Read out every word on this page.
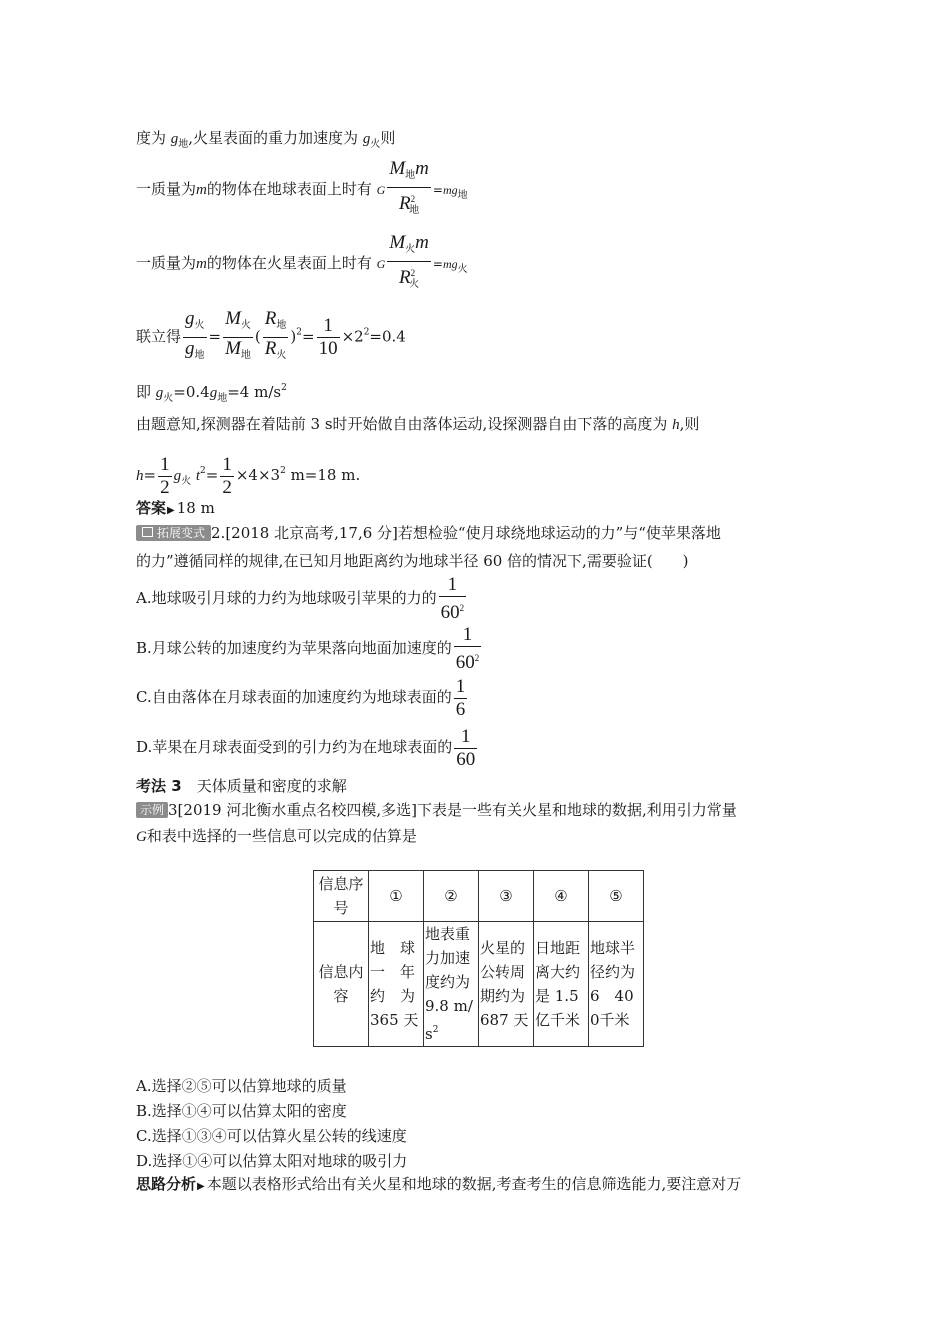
度为 $g_地$,火星表面的重力加速度为 $g_火$则
一质量为m的物体在地球表面上时有 G $\frac{M_地m}{R^2_地} =mg_地$
一质量为m的物体在火星表面上时有 G $\frac{M_火m}{R^2_火} =mg_火$
联立得 $\frac{g_火}{g_地} = \frac{M_火}{M_地}$ ( $\frac{R_地}{R_火} )^2= \frac{1}{10} \times 2^2=0.4$
即 $g_火=0.4g_地=4$ $m/s^2$
由题意知,探测器在着陆前 3 s时开始做自由落体运动,设探测器自由下落的高度为 h,则
$h= \frac{1}{2} g_火$ $t^2= \frac{1}{2} \times 4\times 3^2$ m=18 m.
答案▶ 18 m
拓展变式 2.[2018 北京高考,17,6 分]若想检验“使月球绕地球运动的力”与“使苹果落地
的力”遵循同样的规律,在已知月地距离约为地球半径 60 倍的情况下,需要验证(　　)
A.地球吸引月球的力约为地球吸引苹果的力的 $\frac{1}{60^2}$
B.月球公转的加速度约为苹果落向地面加速度的 $\frac{1}{60^2}$
C.自由落体在月球表面的加速度约为地球表面的 $\frac{1}{6}$
D.苹果在月球表面受到的引力约为在地球表面的 $\frac{1}{60}$
考法 3　 天体质量和密度的求解
示例 3[2019 河北衡水重点名校四模,多选]下表是一些有关火星和地球的数据,利用引力常量
G和表中选择的一些信息可以完成的估算是
信息序号	①	②	③	④	⑤
信息内容	地　球一　年约　为365 天	地表重力加速度约为9.8 $m/s^2$	火星的公转周期约为687 天	日地距离大约是 1.5亿千米	地球半径约为6　400千米
A.选择②⑤可以估算地球的质量
B.选择①④可以估算太阳的密度
C.选择①③④可以估算火星公转的线速度
D.选择①④可以估算太阳对地球的吸引力
思路分析▶ 本题以表格形式给出有关火星和地球的数据,考查考生的信息筛选能力,要注意对万
